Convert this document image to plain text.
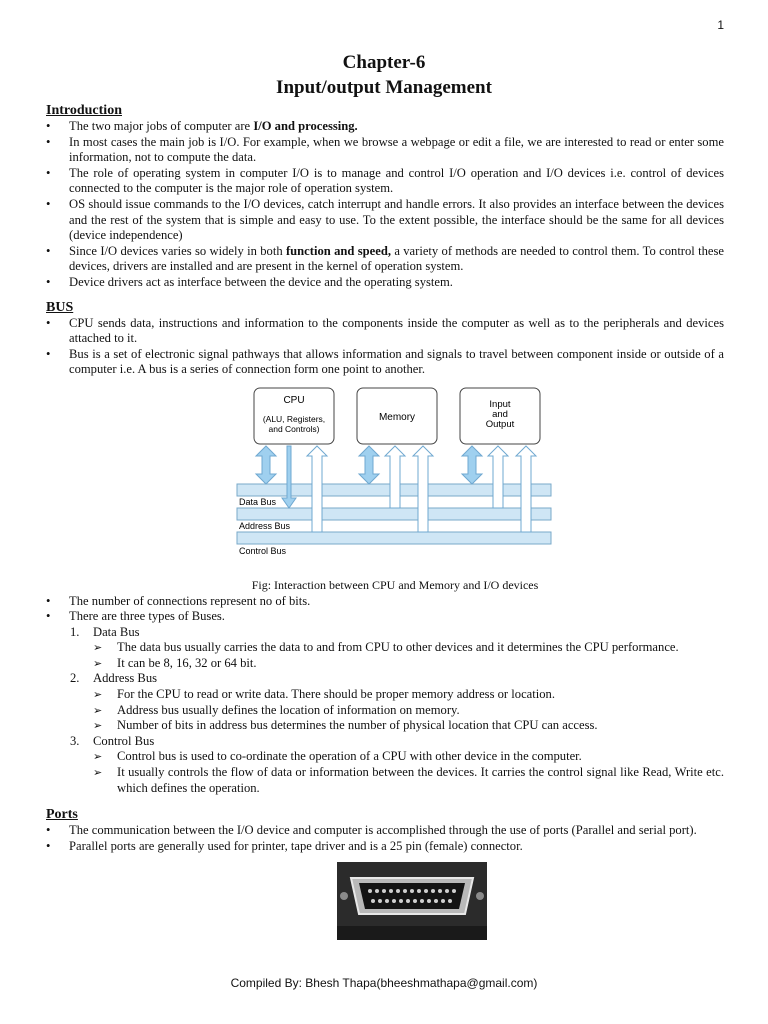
1
Chapter-6
Input/output Management
Introduction
• The two major jobs of computer are I/O and processing.
• In most cases the main job is I/O. For example, when we browse a webpage or edit a file, we are interested to read or enter some information, not to compute the data.
• The role of operating system in computer I/O is to manage and control I/O operation and I/O devices i.e. control of devices connected to the computer is the major role of operation system.
• OS should issue commands to the I/O devices, catch interrupt and handle errors. It also provides an interface between the devices and the rest of the system that is simple and easy to use. To the extent possible, the interface should be the same for all devices (device independence)
• Since I/O devices varies so widely in both function and speed, a variety of methods are needed to control them. To control these devices, drivers are installed and are present in the kernel of operation system.
• Device drivers act as interface between the device and the operating system.
BUS
• CPU sends data, instructions and information to the components inside the computer as well as to the peripherals and devices attached to it.
• Bus is a set of electronic signal pathways that allows information and signals to travel between component inside or outside of a computer i.e. A bus is a series of connection form one point to another.
Data Bus
Address Bus
Control Bus
CPU
(ALU, Registers,
and Controls)
Memory
Input
and
Output
Fig: Interaction between CPU and Memory and I/O devices
• The number of connections represent no of bits.
• There are three types of Buses.
1. Data Bus
➢ The data bus usually carries the data to and from CPU to other devices and it determines the CPU performance.
➢ It can be 8, 16, 32 or 64 bit.
2. Address Bus
➢ For the CPU to read or write data. There should be proper memory address or location.
➢ Address bus usually defines the location of information on memory.
➢ Number of bits in address bus determines the number of physical location that CPU can access.
3. Control Bus
➢ Control bus is used to co-ordinate the operation of a CPU with other device in the computer.
➢ It usually controls the flow of data or information between the devices. It carries the control signal like Read, Write etc. which defines the operation.
Ports
• The communication between the I/O device and computer is accomplished through the use of ports (Parallel and serial port).
• Parallel ports are generally used for printer, tape driver and is a 25 pin (female) connector.
Compiled By: Bhesh Thapa(bheeshmathapa@gmail.com)
